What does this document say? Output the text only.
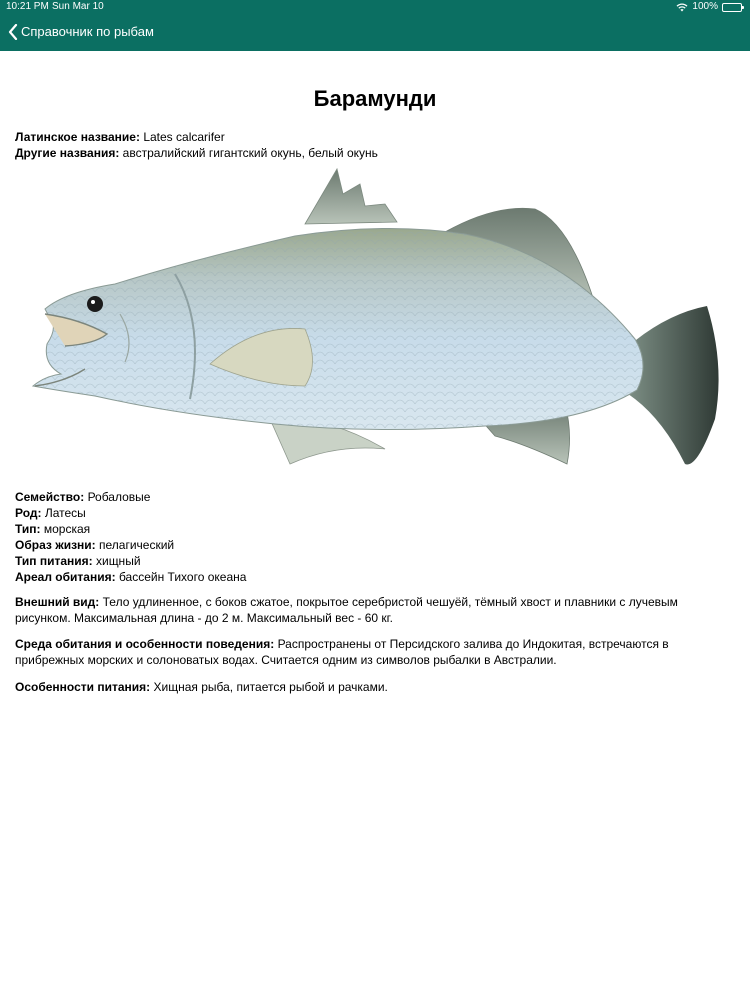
10:21 PM Sun Mar 10	100%
Справочник по рыбам
Барамунди

Латинское название: Lates calcarifer

Другие названия: австралийский гигантский окунь, белый окунь

Семейство: Робаловые

Род: Латесы

Тип: морская

Образ жизни: пелагический

Тип питания: хищный

Ареал обитания: бассейн Тихого океана

Внешний вид: Тело удлиненное, с боков сжатое, покрытое серебристой чешуёй, тёмный хвост и плавники с лучевым рисунком. Максимальная длина - до 2 м. Максимальный вес - 60 кг.
Среда обитания и особенности поведения: Распространены от Персидского залива до Индокитая, встречаются в прибрежных морских и солоноватых водах. Считается одним из символов рыбалки в Австралии.
Особенности питания: Хищная рыба, питается рыбой и рачками.
